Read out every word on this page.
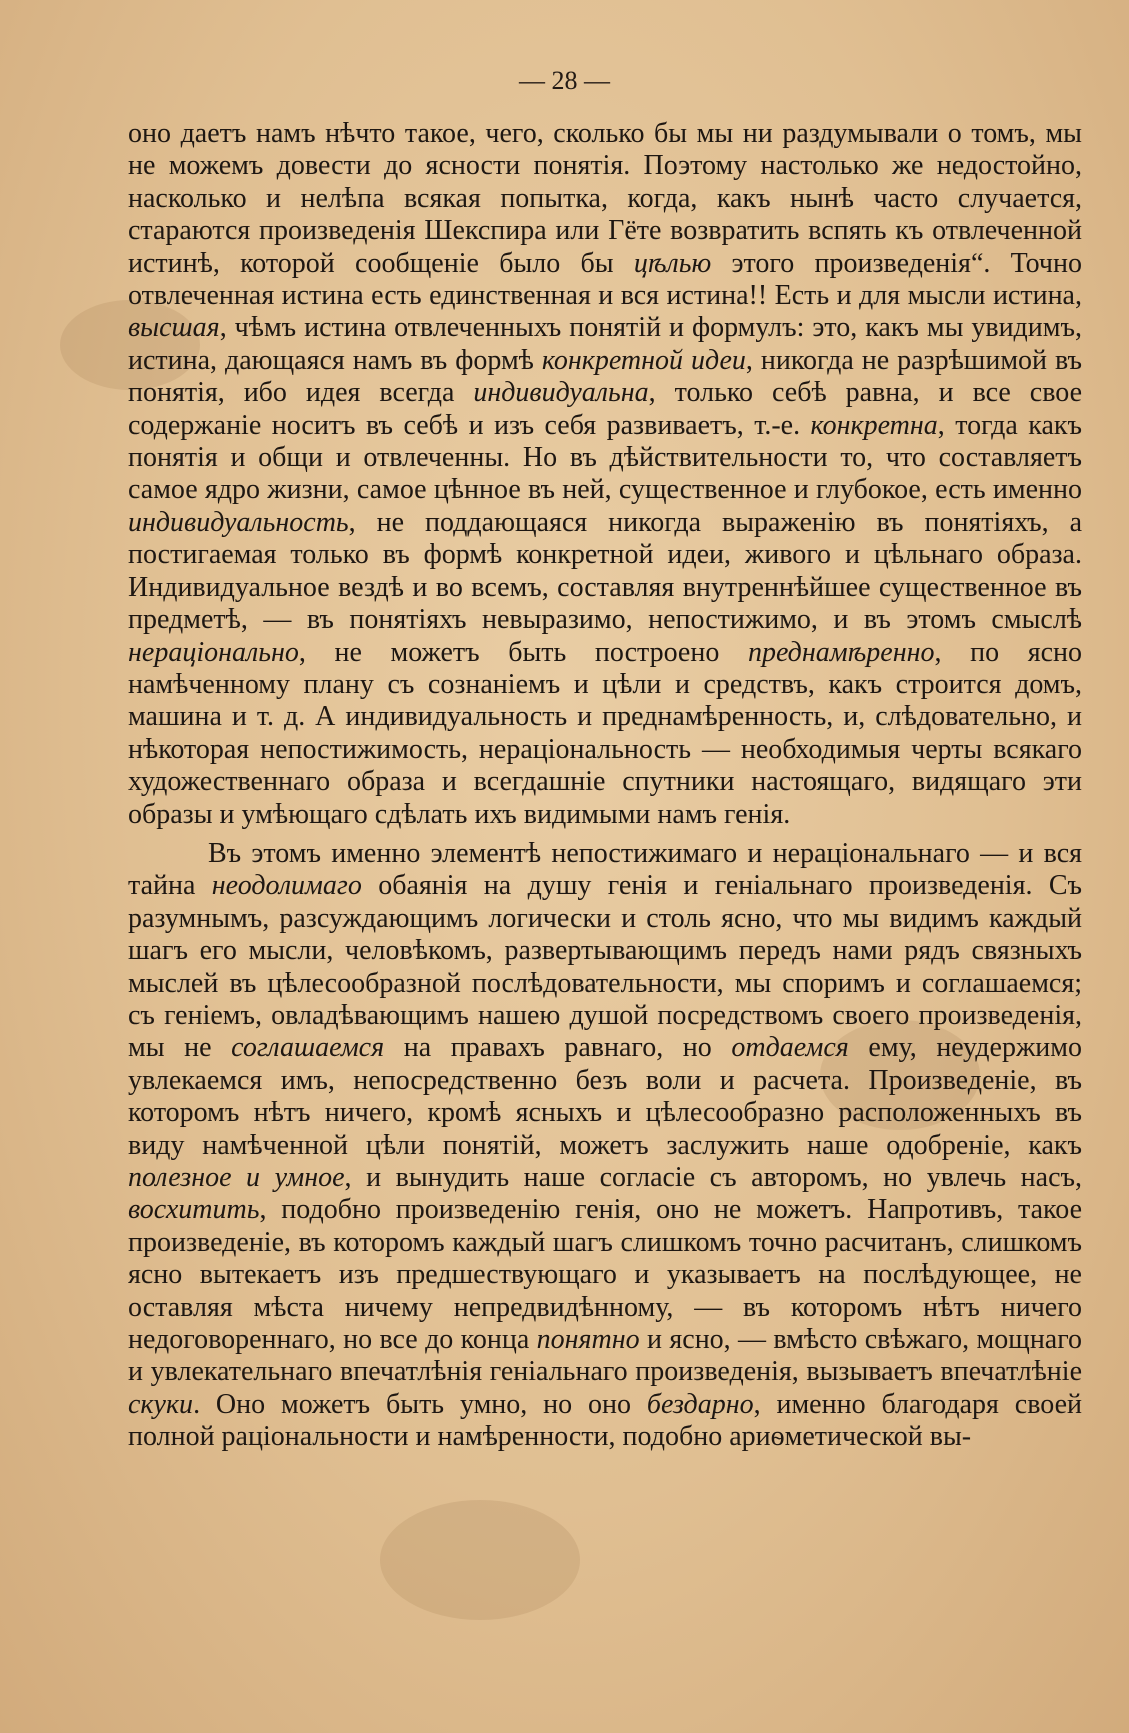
— 28 —

оно даетъ намъ нѣчто такое, чего, сколько бы мы ни раздумывали о томъ, мы не можемъ довести до ясности понятія. Поэтому настолько же недостойно, насколько и нелѣпа всякая попытка, когда, какъ нынѣ часто случается, стараются произведенія Шекспира или Гёте возвратить вспять къ отвлеченной истинѣ, которой сообщеніе было бы цѣлью этого произведенія“. Точно отвлеченная истина есть единственная и вся истина!! Есть и для мысли истина, высшая, чѣмъ истина отвлеченныхъ понятій и формулъ: это, какъ мы увидимъ, истина, дающаяся намъ въ формѣ конкретной идеи, никогда не разрѣшимой въ понятія, ибо идея всегда индивидуальна, только себѣ равна, и все свое содержаніе носитъ въ себѣ и изъ себя развиваетъ, т.-е. конкретна, тогда какъ понятія и общи и отвлеченны. Но въ дѣйствительности то, что составляетъ самое ядро жизни, самое цѣнное въ ней, существенное и глубокое, есть именно индивидуальность, не поддающаяся никогда выраженію въ понятіяхъ, а постигаемая только въ формѣ конкретной идеи, живого и цѣльнаго образа. Индивидуальное вездѣ и во всемъ, составляя внутреннѣйшее существенное въ предметѣ, — въ понятіяхъ невыразимо, непостижимо, и въ этомъ смыслѣ нераціонально, не можетъ быть построено преднамѣренно, по ясно намѣченному плану съ сознаніемъ и цѣли и средствъ, какъ строится домъ, машина и т. д. А индивидуальность и преднамѣренность, и, слѣдовательно, и нѣкоторая непостижимость, нераціональность — необходимыя черты всякаго художественнаго образа и всегдашніе спутники настоящаго, видящаго эти образы и умѣющаго сдѣлать ихъ видимыми намъ генія.

Въ этомъ именно элементѣ непостижимаго и нераціональнаго — и вся тайна неодолимаго обаянія на душу генія и геніальнаго произведенія. Съ разумнымъ, разсуждающимъ логически и столь ясно, что мы видимъ каждый шагъ его мысли, человѣкомъ, развертывающимъ передъ нами рядъ связныхъ мыслей въ цѣлесообразной послѣдовательности, мы споримъ и соглашаемся; съ геніемъ, овладѣвающимъ нашею душой посредствомъ своего произведенія, мы не соглашаемся на правахъ равнаго, но отдаемся ему, неудержимо увлекаемся имъ, непосредственно безъ воли и расчета. Произведеніе, въ которомъ нѣтъ ничего, кромѣ ясныхъ и цѣлесообразно расположенныхъ въ виду намѣченной цѣли понятій, можетъ заслужить наше одобреніе, какъ полезное и умное, и вынудить наше согласіе съ авторомъ, но увлечь насъ, восхитить, подобно произведенію генія, оно не можетъ. Напротивъ, такое произведеніе, въ которомъ каждый шагъ слишкомъ точно расчитанъ, слишкомъ ясно вытекаетъ изъ предшествующаго и указываетъ на послѣдующее, не оставляя мѣста ничему непредвидѣнному, — въ которомъ нѣтъ ничего недоговореннаго, но все до конца понятно и ясно, — вмѣсто свѣжаго, мощнаго и увлекательнаго впечатлѣнія геніальнаго произведенія, вызываетъ впечатлѣніе скуки. Оно можетъ быть умно, но оно бездарно, именно благодаря своей полной раціональности и намѣренности, подобно ариѳметической вы-
